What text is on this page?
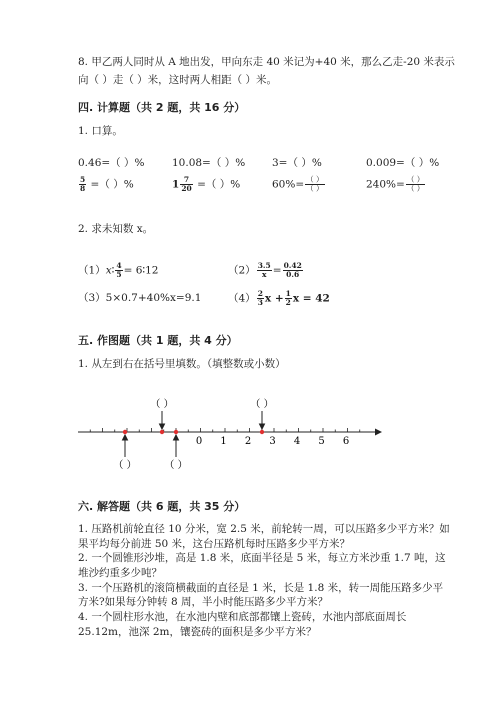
8. 甲乙两人同时从 A 地出发，甲向东走 40 米记为+40 米，那么乙走-20 米表示
向（ ）走（ ）米，这时两人相距（ ）米。
四. 计算题（共 2 题，共 16 分）
1. 口算。
0.46=（ ）%	10.08=（ ）%	3=（ ）%	0.009=（ ）%
$\frac{5}{8}$ =（ ）%	$1 \frac{7}{20}$ =（ ）%	$60\%= \frac{( )}{( )}$	$240\%= \frac{( )}{( )}$
2. 求未知数 x。
（1）x∶ $\frac{4}{5}$ = 6∶12	$(2) \frac{3.5}{x} = \frac{0.42}{0.6}$
（3）5×0.7+40%x=9.1	$(4) \frac{2}{3}$ $x + \frac{1}{2}$ x = 42
五. 作图题（共 1 题，共 4 分）
1. 从左到右在括号里填数。（填整数或小数）
0 1 2 3 4 5 6
（ ）	（ ）
（ ）	（ ）
六. 解答题（共 6 题，共 35 分）
1. 压路机前轮直径 10 分米，宽 2.5 米，前轮转一周，可以压路多少平方米？如
果平均每分前进 50 米，这台压路机每时压路多少平方米？
2. 一个圆锥形沙堆，高是 1.8 米，底面半径是 5 米，每立方米沙重 1.7 吨，这
堆沙约重多少吨？
3. 一个压路机的滚筒横截面的直径是 1 米，长是 1.8 米，转一周能压路多少平
方米?如果每分钟转 8 周，半小时能压路多少平方米？
4. 一个圆柱形水池，在水池内壁和底部都镶上瓷砖，水池内部底面周长
25.12m，池深 2m，镶瓷砖的面积是多少平方米？
